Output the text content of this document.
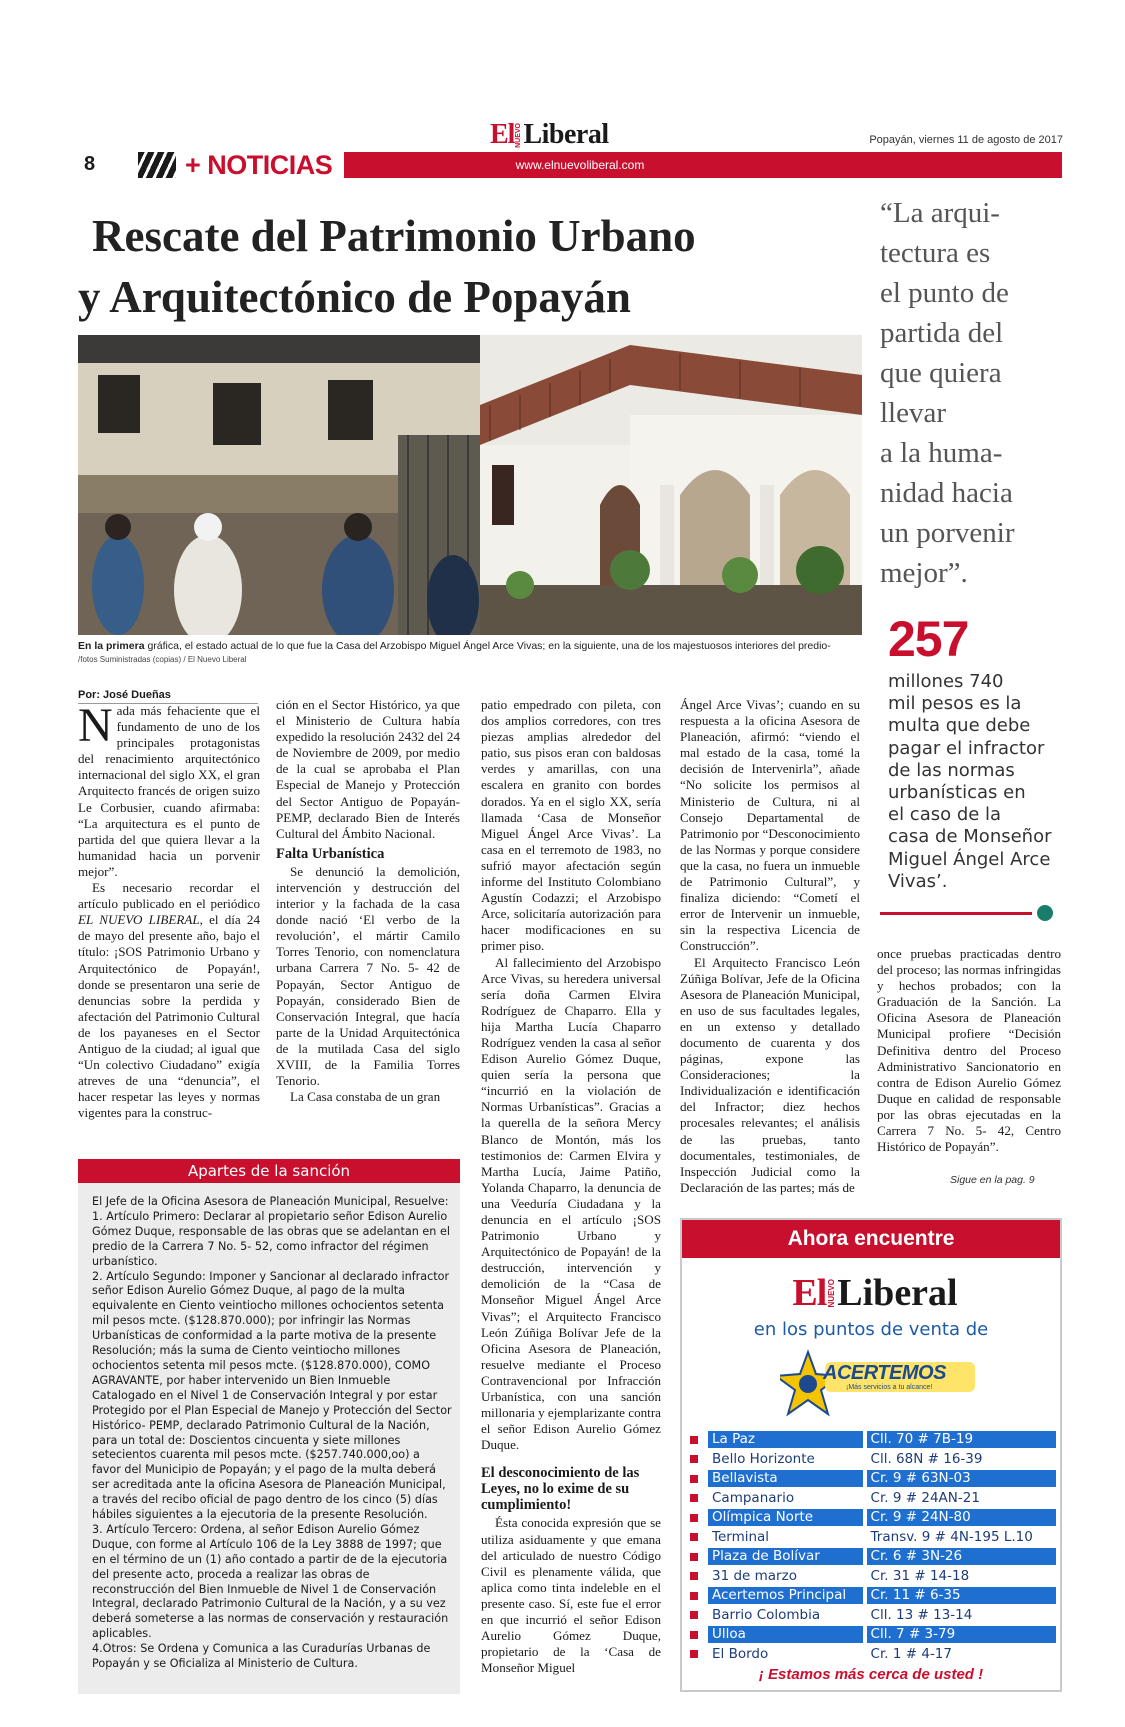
El NUEVO Liberal	Popayán, viernes 11 de agosto de 2017
8	+ NOTICIAS	www.elnuevoliberal.com
Rescate del Patrimonio Urbano
y Arquitectónico de Popayán
En la primera gráfica, el estado actual de lo que fue la Casa del Arzobispo Miguel Ángel Arce Vivas; en la siguiente, una de los majestuosos interiores del predio-
/fotos Suministradas (copias) / El Nuevo Liberal
“La arqui-
tectura es
el punto de
partida del
que quiera
llevar
a la huma-
nidad hacia
un porvenir
mejor”.
257
millones 740
mil pesos es la
multa que debe
pagar el infractor
de las normas
urbanísticas en
el caso de la
casa de Monseñor
Miguel Ángel Arce
Vivas’.
Por: José Dueñas

Nada más fehaciente que el fundamento de uno de los principales protagonistas del renacimiento arquitectónico internacional del siglo XX, el gran Arquitecto francés de origen suizo Le Corbusier, cuando afirmaba: “La arquitectura es el punto de partida del que quiera llevar a la humanidad hacia un porvenir mejor”.

Es necesario recordar el artículo publicado en el periódico EL NUEVO LIBERAL, el día 24 de mayo del presente año, bajo el título: ¡SOS Patrimonio Urbano y Arquitectónico de Popayán!, donde se presentaron una serie de denuncias sobre la perdida y afectación del Patrimonio Cultural de los payaneses en el Sector Antiguo de la ciudad; al igual que “Un colectivo Ciudadano” exigía atreves de una “denuncia”, el hacer respetar las leyes y normas vigentes para la construc-

ción en el Sector Histórico, ya que el Ministerio de Cultura había expedido la resolución 2432 del 24 de Noviembre de 2009, por medio de la cual se aprobaba el Plan Especial de Manejo y Protección del Sector Antiguo de Popayán- PEMP, declarado Bien de Interés Cultural del Ámbito Nacional.

Falta Urbanística

Se denunció la demolición, intervención y destrucción del interior y la fachada de la casa donde nació ‘El verbo de la revolución’, el mártir Camilo Torres Tenorio, con nomenclatura urbana Carrera 7 No. 5- 42 de Popayán, Sector Antiguo de Popayán, considerado Bien de Conservación Integral, que hacía parte de la Unidad Arquitectónica de la mutilada Casa del siglo XVIII, de la Familia Torres Tenorio.

La Casa constaba de un gran

patio empedrado con pileta, con dos amplios corredores, con tres piezas amplias alrededor del patio, sus pisos eran con baldosas verdes y amarillas, con una escalera en granito con bordes dorados. Ya en el siglo XX, sería llamada ‘Casa de Monseñor Miguel Ángel Arce Vivas’. La casa en el terremoto de 1983, no sufrió mayor afectación según informe del Instituto Colombiano Agustín Codazzi; el Arzobispo Arce, solicitaría autorización para hacer modificaciones en su primer piso.

Al fallecimiento del Arzobispo Arce Vivas, su heredera universal sería doña Carmen Elvira Rodríguez de Chaparro. Ella y hija Martha Lucía Chaparro Rodríguez venden la casa al señor Edison Aurelio Gómez Duque, quien sería la persona que “incurrió en la violación de Normas Urbanísticas”. Gracias a la querella de la señora Mercy Blanco de Montón, más los testimonios de: Carmen Elvira y Martha Lucía, Jaime Patiño, Yolanda Chaparro, la denuncia de una Veeduría Ciudadana y la denuncia en el artículo ¡SOS Patrimonio Urbano y Arquitectónico de Popayán! de la destrucción, intervención y demolición de la “Casa de Monseñor Miguel Ángel Arce Vivas”; el Arquitecto Francisco León Zúñiga Bolívar Jefe de la Oficina Asesora de Planeación, resuelve mediante el Proceso Contravencional por Infracción Urbanística, con una sanción millonaria y ejemplarizante contra el señor Edison Aurelio Gómez Duque.

El desconocimiento de las Leyes, no lo exime de su cumplimiento!

Ésta conocida expresión que se utiliza asiduamente y que emana del articulado de nuestro Código Civil es plenamente válida, que aplica como tinta indeleble en el presente caso. Sí, este fue el error en que incurrió el señor Edison Aurelio Gómez Duque, propietario de la ‘Casa de Monseñor Miguel

Ángel Arce Vivas’; cuando en su respuesta a la oficina Asesora de Planeación, afirmó: “viendo el mal estado de la casa, tomé la decisión de Intervenirla”, añade “No solicite los permisos al Ministerio de Cultura, ni al Consejo Departamental de Patrimonio por “Desconocimiento de las Normas y porque considere que la casa, no fuera un inmueble de Patrimonio Cultural”, y finaliza diciendo: “Cometí el error de Intervenir un inmueble, sin la respectiva Licencia de Construcción”.

El Arquitecto Francisco León Zúñiga Bolívar, Jefe de la Oficina Asesora de Planeación Municipal, en uso de sus facultades legales, en un extenso y detallado documento de cuarenta y dos páginas, expone las Consideraciones; la Individualización e identificación del Infractor; diez hechos procesales relevantes; el análisis de las pruebas, tanto documentales, testimoniales, de Inspección Judicial como la Declaración de las partes; más de

once pruebas practicadas dentro del proceso; las normas infringidas y hechos probados; con la Graduación de la Sanción. La Oficina Asesora de Planeación Municipal profiere “Decisión Definitiva dentro del Proceso Administrativo Sancionatorio en contra de Edison Aurelio Gómez Duque en calidad de responsable por las obras ejecutadas en la Carrera 7 No. 5- 42, Centro Histórico de Popayán”.

Sigue en la pag. 9
Apartes de la sanción

El Jefe de la Oficina Asesora de Planeación Municipal, Resuelve:

1. Artículo Primero: Declarar al propietario señor Edison Aurelio Gómez Duque, responsable de las obras que se adelantan en el predio de la Carrera 7 No. 5- 52, como infractor del régimen urbanístico.

2. Artículo Segundo: Imponer y Sancionar al declarado infractor señor Edison Aurelio Gómez Duque, al pago de la multa equivalente en Ciento veintiocho millones ochocientos setenta mil pesos mcte. ($128.870.000); por infringir las Normas Urbanísticas de conformidad a la parte motiva de la presente Resolución; más la suma de Ciento veintiocho millones ochocientos setenta mil pesos mcte. ($128.870.000), COMO AGRAVANTE, por haber intervenido un Bien Inmueble Catalogado en el Nivel 1 de Conservación Integral y por estar Protegido por el Plan Especial de Manejo y Protección del Sector Histórico- PEMP, declarado Patrimonio Cultural de la Nación, para un total de: Doscientos cincuenta y siete millones setecientos cuarenta mil pesos mcte. ($257.740.000,oo) a favor del Municipio de Popayán; y el pago de la multa deberá ser acreditada ante la oficina Asesora de Planeación Municipal, a través del recibo oficial de pago dentro de los cinco (5) días hábiles siguientes a la ejecutoria de la presente Resolución.

3. Artículo Tercero: Ordena, al señor Edison Aurelio Gómez Duque, con forme al Artículo 106 de la Ley 3888 de 1997; que en el término de un (1) año contado a partir de de la ejecutoria del presente acto, proceda a realizar las obras de reconstrucción del Bien Inmueble de Nivel 1 de Conservación Integral, declarado Patrimonio Cultural de la Nación, y a su vez deberá someterse a las normas de conservación y restauración aplicables.

4.Otros: Se Ordena y Comunica a las Curadurías Urbanas de Popayán y se Oficializa al Ministerio de Cultura.

Ahora encuentre
El NUEVO Liberal
en los puntos de venta de
ACERTEMOS
¡Más servicios a tu alcance!
La Paz	Cll. 70 # 7B-19
Bello Horizonte	Cll. 68N # 16-39
Bellavista	Cr. 9 # 63N-03
Campanario	Cr. 9 # 24AN-21
Olímpica Norte	Cr. 9 # 24N-80
Terminal	Transv. 9 # 4N-195 L.10
Plaza de Bolívar	Cr. 6 # 3N-26
31 de marzo	Cr. 31 # 14-18
Acertemos Principal	Cr. 11 # 6-35
Barrio Colombia	Cll. 13 # 13-14
Ulloa	Cll. 7 # 3-79
El Bordo	Cr. 1 # 4-17
¡ Estamos más cerca de usted !
